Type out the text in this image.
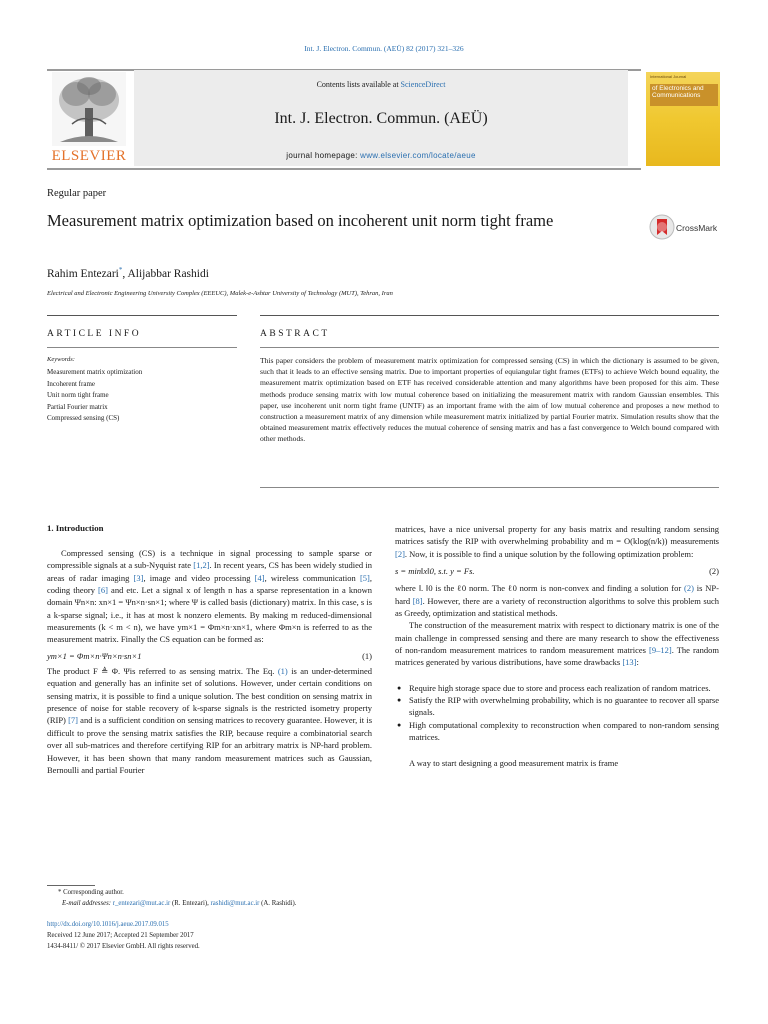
Int. J. Electron. Commun. (AEÜ) 82 (2017) 321–326
ELSEVIER
Contents lists available at ScienceDirect
Int. J. Electron. Commun. (AEÜ)
journal homepage: www.elsevier.com/locate/aeue
International Journal
of Electronics and Communications
Regular paper
Measurement matrix optimization based on incoherent unit norm tight frame	CrossMark
Rahim Entezari*, Alijabbar Rashidi
Electrical and Electronic Engineering University Complex (EEEUC), Malek-e-Ashtar University of Technology (MUT), Tehran, Iran
ARTICLE INFO	ABSTRACT
Keywords:
Measurement matrix optimization
Incoherent frame
Unit norm tight frame
Partial Fourier matrix
Compressed sensing (CS)
This paper considers the problem of measurement matrix optimization for compressed sensing (CS) in which the dictionary is assumed to be given, such that it leads to an effective sensing matrix. Due to important properties of equiangular tight frames (ETFs) to achieve Welch bound equality, the measurement matrix optimization based on ETF has received considerable attention and many algorithms have been proposed for this aim. These methods produce sensing matrix with low mutual coherence based on initializing the measurement matrix with random Gaussian ensembles. This paper, use incoherent unit norm tight frame (UNTF) as an important frame with the aim of low mutual coherence and proposes a new method to construction a measurement matrix of any dimension while measurement matrix initialized by partial Fourier matrix. Simulation results show that the obtained measurement matrix effectively reduces the mutual coherence of sensing matrix and has a fast convergence to Welch bound compared with other methods.
1. Introduction

Compressed sensing (CS) is a technique in signal processing to sample sparse or compressible signals at a sub-Nyquist rate [1,2]. In recent years, CS has been widely studied in areas of radar imaging [3], image and video processing [4], wireless communication [5], coding theory [6] and etc. Let a signal x of length n has a sparse representation in a known domain Ψn×n: xn×1 = Ψn×n·sn×1; where Ψ is called basis (dictionary) matrix. In this case, s is a k-sparse signal; i.e., it has at most k nonzero elements. By making m reduced-dimensional measurements (k < m < n), we have ym×1 = Φm×n·xn×1, where Φm×n is referred to as the measurement matrix. Finally the CS equation can be formed as:

ym×1 = Φm×n·Ψn×n·sn×1	(1)

The product F ≜ Φ. Ψis referred to as sensing matrix. The Eq. (1) is an under-determined equation and generally has an infinite set of solutions. However, under certain conditions on sensing matrix, it is possible to find a unique solution. The best condition on sensing matrix in presence of noise for stable recovery of k-sparse signals is the restricted isometry property (RIP) [7] and is a sufficient condition on sensing matrices to recovery guarantee. However, it is difficult to prove the sensing matrix satisfies the RIP, because require a combinatorial search over all sub-matrices and therefore certifying RIP for an arbitrary matrix is NP-hard problem. However, it has been shown that many random measurement matrices such as Gaussian, Bernoulli and partial Fourier

matrices, have a nice universal property for any basis matrix and resulting random sensing matrices satisfy the RIP with overwhelming probability and m = O(klog(n/k)) measurements [2]. Now, it is possible to find a unique solution by the following optimization problem:

s = min‖x‖0, s.t. y = Fs.	(2)

where ‖. ‖0 is the ℓ0 norm. The ℓ0 norm is non-convex and finding a solution for (2) is NP-hard [8]. However, there are a variety of reconstruction algorithms to solve this problem such as Greedy, optimization and statistical methods.

The construction of the measurement matrix with respect to dictionary matrix is one of the main challenge in compressed sensing and there are many research to show the effectiveness of non-random measurement matrices to random measurement matrices [9–12]. The random matrices generated by various distributions, have some drawbacks [13]:

● Require high storage space due to store and process each realization of random matrices.
● Satisfy the RIP with overwhelming probability, which is no guarantee to recover all sparse signals.
● High computational complexity to reconstruction when compared to non-random sensing matrices.

A way to start designing a good measurement matrix is frame

* Corresponding author.
E-mail addresses: r_entezari@mut.ac.ir (R. Entezari), rashidi@mut.ac.ir (A. Rashidi).
http://dx.doi.org/10.1016/j.aeue.2017.09.015
Received 12 June 2017; Accepted 21 September 2017
1434-8411/ © 2017 Elsevier GmbH. All rights reserved.
